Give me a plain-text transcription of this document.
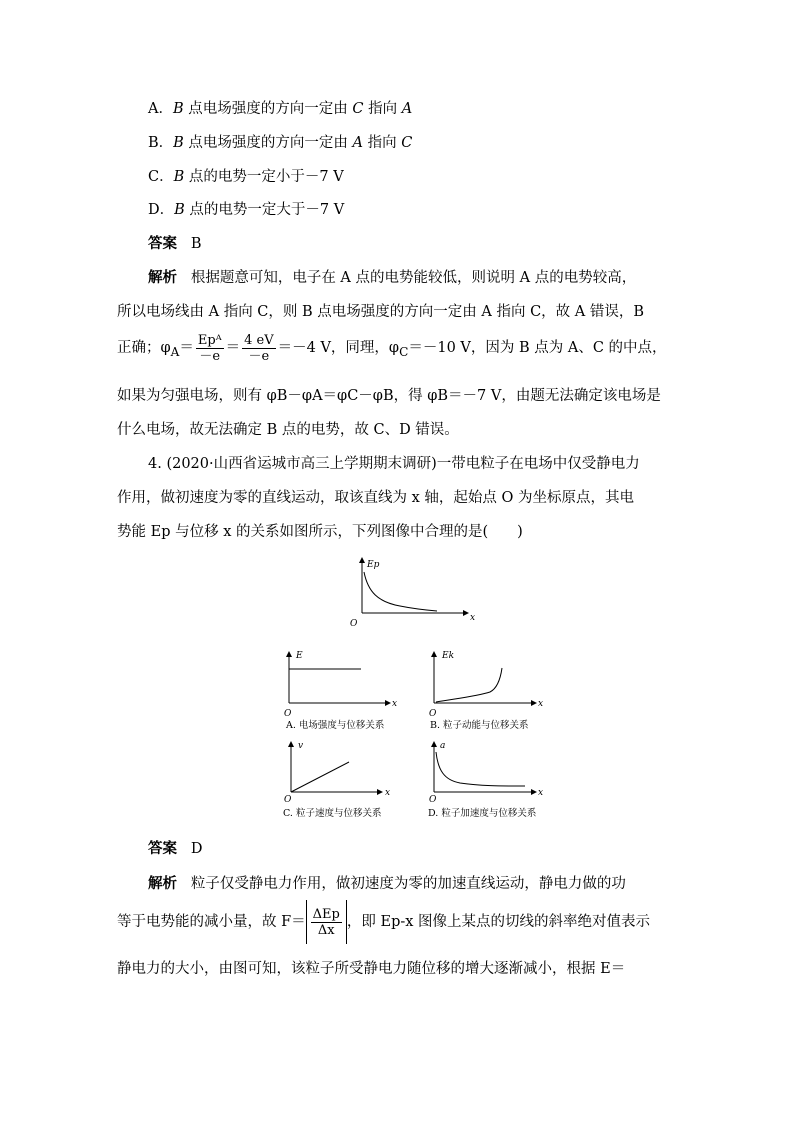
A．B 点电场强度的方向一定由 C 指向 A
B．B 点电场强度的方向一定由 A 指向 C
C．B 点的电势一定小于－7 V
D．B 点的电势一定大于－7 V
答案 B
解析 根据题意可知，电子在 A 点的电势能较低，则说明 A 点的电势较高，
所以电场线由 A 指向 C，则 B 点电场强度的方向一定由 A 指向 C，故 A 错误，B
正确；$\varphi_A= \frac{\text{Epᴬ}}{-e} = \frac{4 eV}{-e} =-4$ V，同理，$\varphi_C=-10$ V，因为 B 点为 A、C 的中点，
如果为匀强电场，则有 φB－φA＝φC－φB，得 φB＝－7 V，由题无法确定该电场是
什么电场，故无法确定 B 点的电势，故 C、D 错误。
4. (2020·山西省运城市高三上学期期末调研)一带电粒子在电场中仅受静电力
作用，做初速度为零的直线运动，取该直线为 x 轴，起始点 O 为坐标原点，其电
势能 Ep 与位移 x 的关系如图所示，下列图像中合理的是(　　)
Ep
x
O
E
x
O
A. 电场强度与位移关系
Ek
x
O
B. 粒子动能与位移关系
v
x
O
C. 粒子速度与位移关系
a
x
O
D. 粒子加速度与位移关系
答案 D
解析 粒子仅受静电力作用，做初速度为零的加速直线运动，静电力做的功
等于电势能的减小量，故 $F= \frac{\text{ΔEp}}{\Delta x}$ ，即 Ep-x 图像上某点的切线的斜率绝对值表示
静电力的大小，由图可知，该粒子所受静电力随位移的增大逐渐减小，根据 E＝
